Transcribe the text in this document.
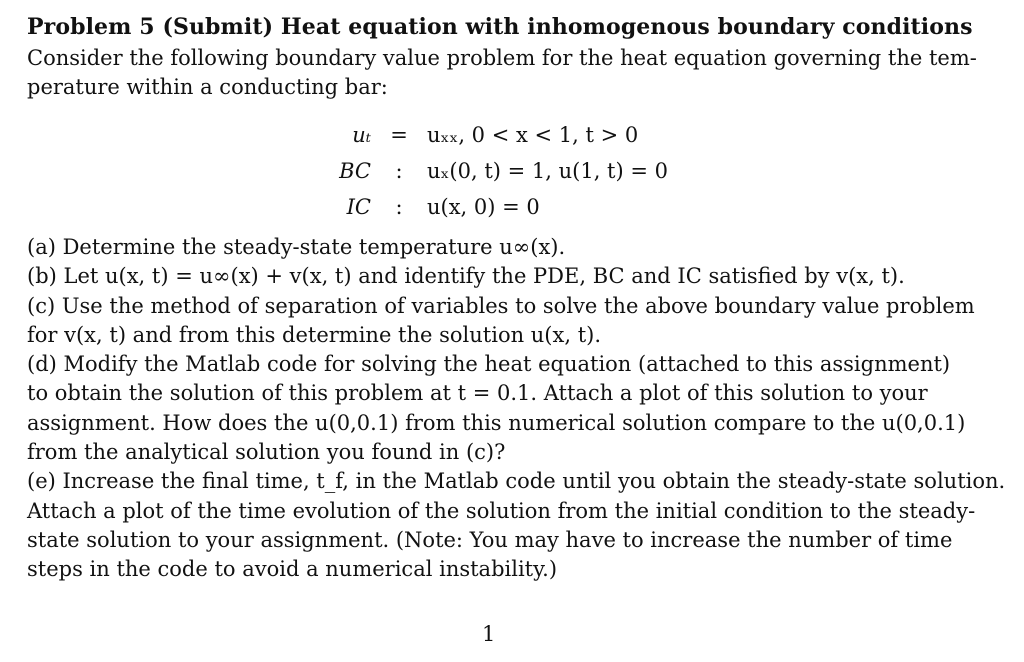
Problem 5 (Submit) Heat equation with inhomogenous boundary conditions
Consider the following boundary value problem for the heat equation governing the tem-
perature within a conducting bar:
uₜ = uₓₓ, 0 < x < 1, t > 0
BC	:	uₓ(0, t) = 1, u(1, t) = 0
IC	:	u(x, 0) = 0
(a) Determine the steady-state temperature u∞(x).
(b) Let u(x, t) = u∞(x) + v(x, t) and identify the PDE, BC and IC satisfied by v(x, t).
(c) Use the method of separation of variables to solve the above boundary value problem
for v(x, t) and from this determine the solution u(x, t).
(d) Modify the Matlab code for solving the heat equation (attached to this assignment)
to obtain the solution of this problem at t = 0.1. Attach a plot of this solution to your
assignment. How does the u(0,0.1) from this numerical solution compare to the u(0,0.1)
from the analytical solution you found in (c)?
(e) Increase the final time, t_f, in the Matlab code until you obtain the steady-state solution.
Attach a plot of the time evolution of the solution from the initial condition to the steady-
state solution to your assignment. (Note: You may have to increase the number of time
steps in the code to avoid a numerical instability.)
1
